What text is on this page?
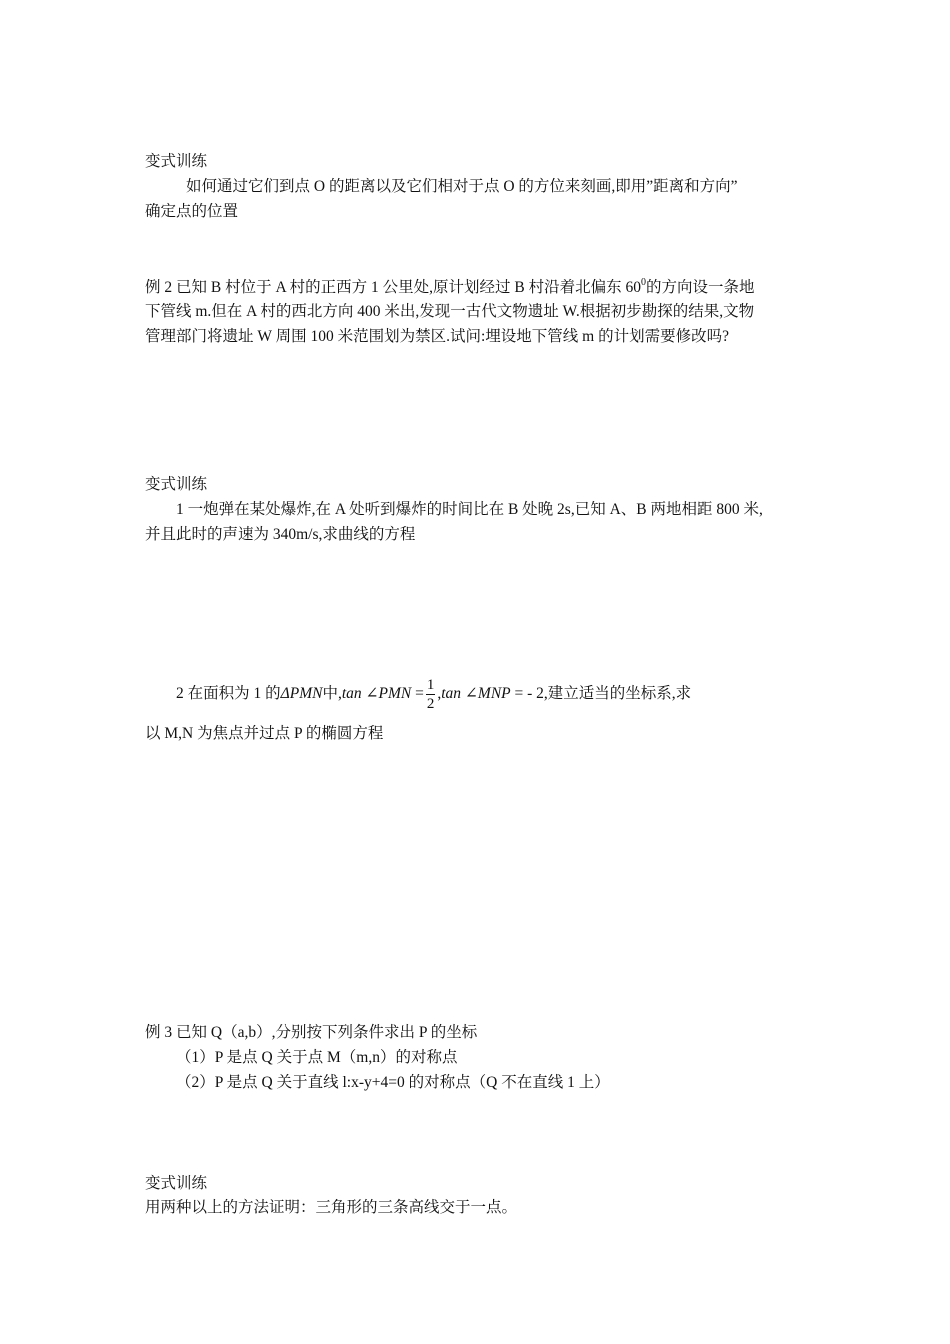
变式训练

如何通过它们到点 O 的距离以及它们相对于点 O 的方位来刻画,即用”距离和方向”

确定点的位置

例 2 已知 B 村位于 A 村的正西方 1 公里处,原计划经过 B 村沿着北偏东 $60^0$的方向设一条地

下管线 m.但在 A 村的西北方向 400 米出,发现一古代文物遗址 W.根据初步勘探的结果,文物

管理部门将遗址 W 周围 100 米范围划为禁区.试问:埋设地下管线 m 的计划需要修改吗?

变式训练

1 一炮弹在某处爆炸,在 A 处听到爆炸的时间比在 B 处晚 2s,已知 A、B 两地相距 800 米,

并且此时的声速为 340m/s,求曲线的方程

2 在面积为 1 的ΔPMN中,tan ∠PMN = $\frac{1}{2} ,\tan$ ∠MNP = - 2,建立适当的坐标系,求

以 M,N 为焦点并过点 P 的椭圆方程

例 3 已知 Q（a,b）,分别按下列条件求出 P 的坐标

（1）P 是点 Q 关于点 M（m,n）的对称点

（2）P 是点 Q 关于直线 l:x-y+4=0 的对称点（Q 不在直线 1 上）

变式训练

用两种以上的方法证明：三角形的三条高线交于一点。
